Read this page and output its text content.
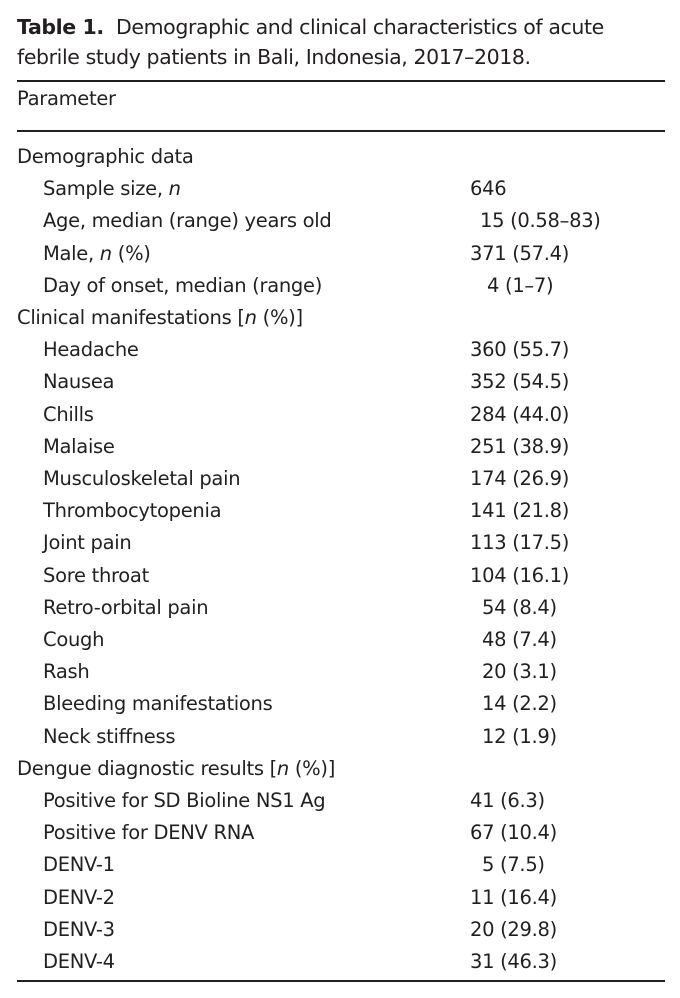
Table 1. Demographic and clinical characteristics of acute febrile study patients in Bali, Indonesia, 2017–2018.
Parameter
Demographic data
Sample size, n	646
Age, median (range) years old	15 (0.58–83)
Male, n (%)	371 (57.4)
Day of onset, median (range)	4 (1–7)
Clinical manifestations [n (%)]
Headache	360 (55.7)
Nausea	352 (54.5)
Chills	284 (44.0)
Malaise	251 (38.9)
Musculoskeletal pain	174 (26.9)
Thrombocytopenia	141 (21.8)
Joint pain	113 (17.5)
Sore throat	104 (16.1)
Retro-orbital pain	54 (8.4)
Cough	48 (7.4)
Rash	20 (3.1)
Bleeding manifestations	14 (2.2)
Neck stiffness	12 (1.9)
Dengue diagnostic results [n (%)]
Positive for SD Bioline NS1 Ag	41 (6.3)
Positive for DENV RNA	67 (10.4)
DENV-1	5 (7.5)
DENV-2	11 (16.4)
DENV-3	20 (29.8)
DENV-4	31 (46.3)
